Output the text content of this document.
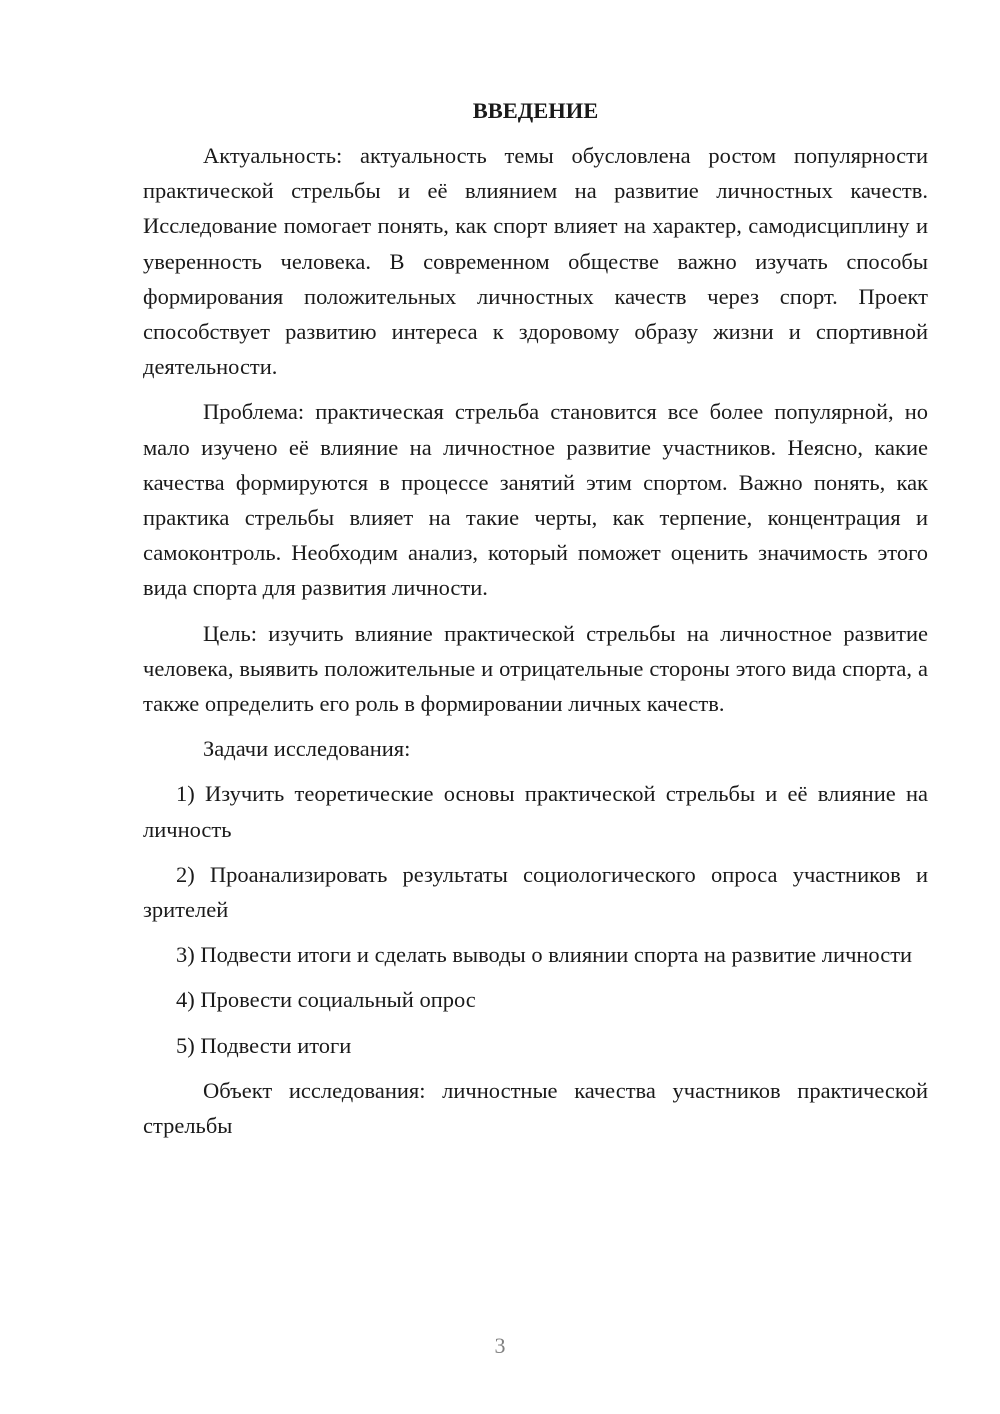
ВВЕДЕНИЕ

Актуальность: актуальность темы обусловлена ростом популярности практической стрельбы и её влиянием на развитие личностных качеств. Исследование помогает понять, как спорт влияет на характер, самодисциплину и уверенность человека. В современном обществе важно изучать способы формирования положительных личностных качеств через спорт. Проект способствует развитию интереса к здоровому образу жизни и спортивной деятельности.

Проблема: практическая стрельба становится все более популярной, но мало изучено её влияние на личностное развитие участников. Неясно, какие качества формируются в процессе занятий этим спортом. Важно понять, как практика стрельбы влияет на такие черты, как терпение, концентрация и самоконтроль. Необходим анализ, который поможет оценить значимость этого вида спорта для развития личности.

Цель: изучить влияние практической стрельбы на личностное развитие человека, выявить положительные и отрицательные стороны этого вида спорта, а также определить его роль в формировании личных качеств.

Задачи исследования:

1) Изучить теоретические основы практической стрельбы и её влияние на личность

2) Проанализировать результаты социологического опроса участников и зрителей

3) Подвести итоги и сделать выводы о влиянии спорта на развитие личности

4) Провести социальный опрос

5) Подвести итоги

Объект исследования: личностные качества участников практической стрельбы

3
